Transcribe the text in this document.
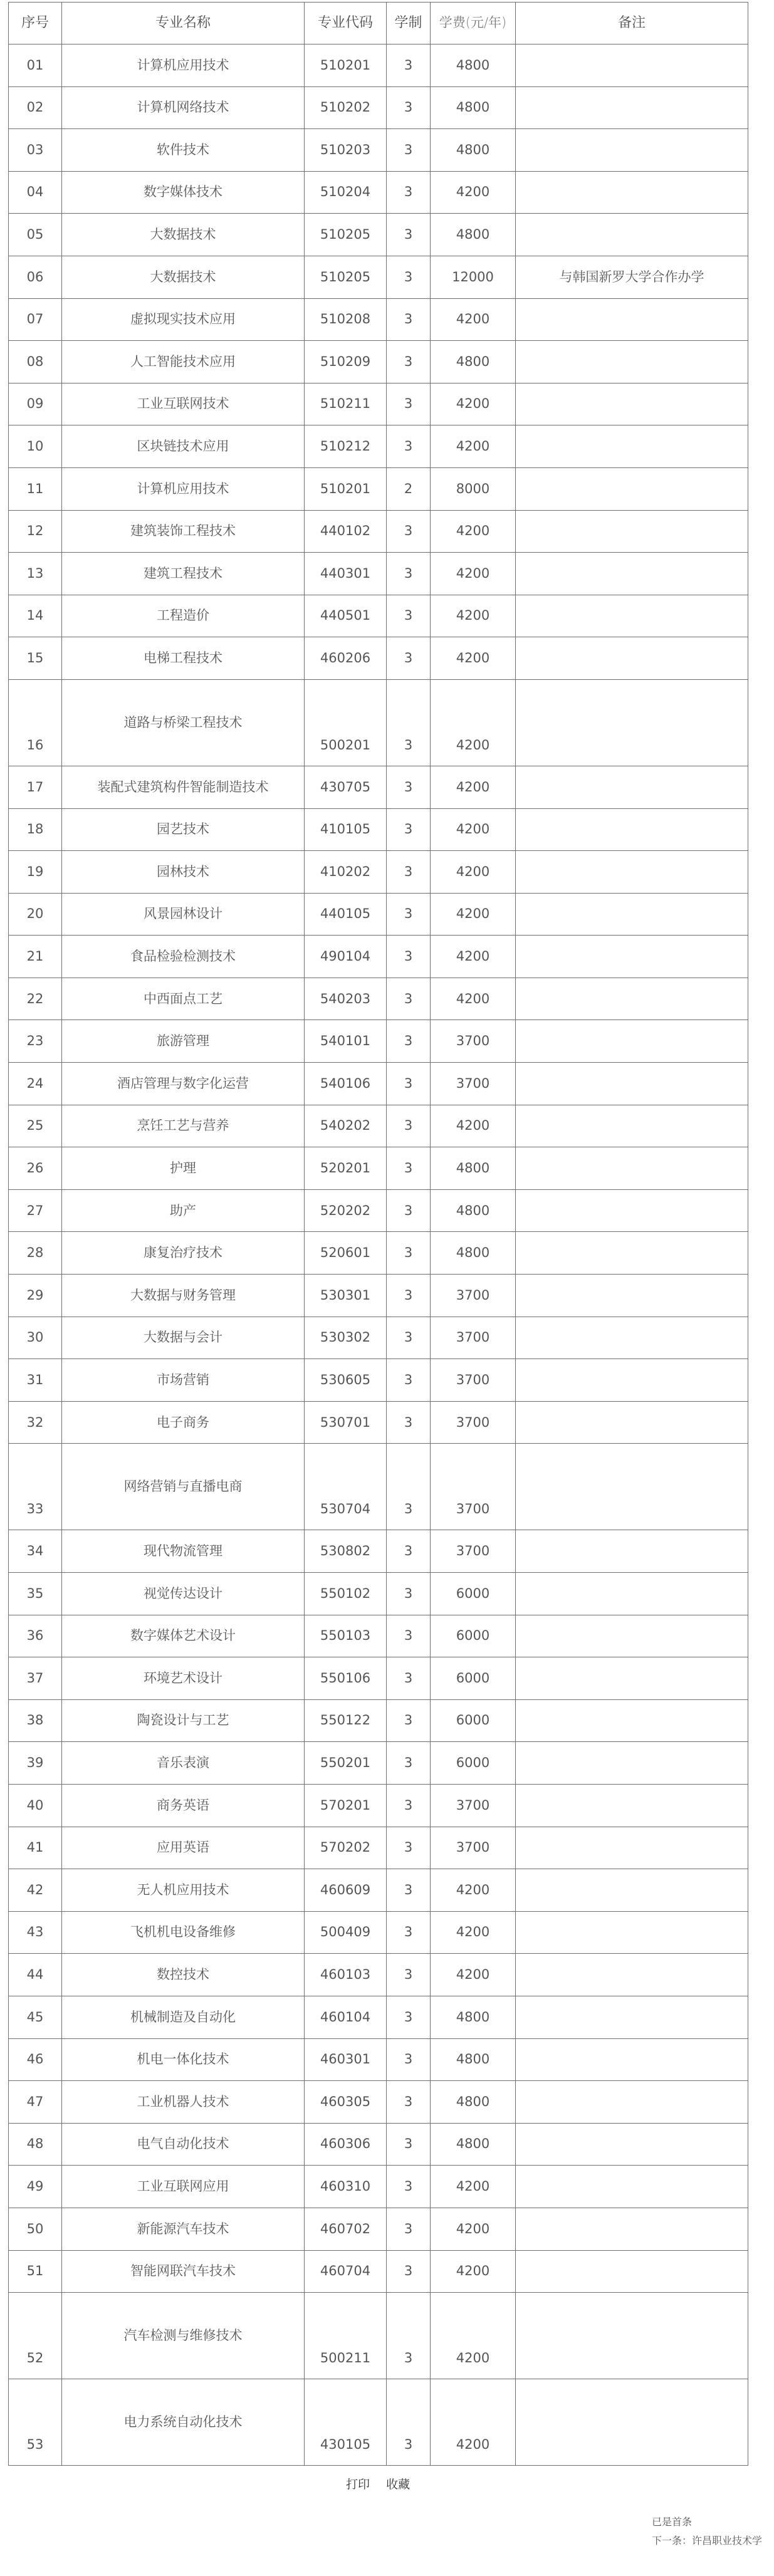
序号	专业名称	专业代码	学制	学费(元/年)	备注
01	计算机应用技术	510201	3	4800	
02	计算机网络技术	510202	3	4800	
03	软件技术	510203	3	4800	
04	数字媒体技术	510204	3	4200	
05	大数据技术	510205	3	4800	
06	大数据技术	510205	3	12000	与韩国新罗大学合作办学
07	虚拟现实技术应用	510208	3	4200	
08	人工智能技术应用	510209	3	4800	
09	工业互联网技术	510211	3	4200	
10	区块链技术应用	510212	3	4200	
11	计算机应用技术	510201	2	8000	
12	建筑装饰工程技术	440102	3	4200	
13	建筑工程技术	440301	3	4200	
14	工程造价	440501	3	4200	
15	电梯工程技术	460206	3	4200	
16	道路与桥梁工程技术	500201	3	4200	
17	装配式建筑构件智能制造技术	430705	3	4200	
18	园艺技术	410105	3	4200	
19	园林技术	410202	3	4200	
20	风景园林设计	440105	3	4200	
21	食品检验检测技术	490104	3	4200	
22	中西面点工艺	540203	3	4200	
23	旅游管理	540101	3	3700	
24	酒店管理与数字化运营	540106	3	3700	
25	烹饪工艺与营养	540202	3	4200	
26	护理	520201	3	4800	
27	助产	520202	3	4800	
28	康复治疗技术	520601	3	4800	
29	大数据与财务管理	530301	3	3700	
30	大数据与会计	530302	3	3700	
31	市场营销	530605	3	3700	
32	电子商务	530701	3	3700	
33	网络营销与直播电商	530704	3	3700	
34	现代物流管理	530802	3	3700	
35	视觉传达设计	550102	3	6000	
36	数字媒体艺术设计	550103	3	6000	
37	环境艺术设计	550106	3	6000	
38	陶瓷设计与工艺	550122	3	6000	
39	音乐表演	550201	3	6000	
40	商务英语	570201	3	3700	
41	应用英语	570202	3	3700	
42	无人机应用技术	460609	3	4200	
43	飞机机电设备维修	500409	3	4200	
44	数控技术	460103	3	4200	
45	机械制造及自动化	460104	3	4800	
46	机电一体化技术	460301	3	4800	
47	工业机器人技术	460305	3	4800	
48	电气自动化技术	460306	3	4800	
49	工业互联网应用	460310	3	4200	
50	新能源汽车技术	460702	3	4200	
51	智能网联汽车技术	460704	3	4200	
52	汽车检测与维修技术	500211	3	4200	
53	电力系统自动化技术	430105	3	4200	
打印 收藏
已是首条
下一条：许昌职业技术学
